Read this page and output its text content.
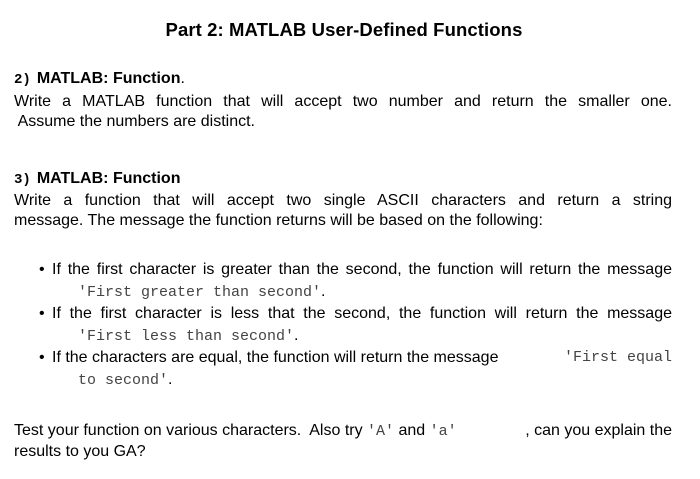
Part 2: MATLAB User-Defined Functions
2) MATLAB: Function.
Write a MATLAB function that will accept two number and return the smaller one.
Assume the numbers are distinct.
3) MATLAB: Function
Write a function that will accept two single ASCII characters and return a string
message. The message the function returns will be based on the following:
• If the first character is greater than the second, the function will return the message
'First greater than second'.
• If the first character is less that the second, the function will return the message
'First less than second'.
• If the characters are equal, the function will return the message	'First equal
to second'.
Test your function on various characters.  Also try 'A' and 'a'	, can you explain the
results to you GA?
